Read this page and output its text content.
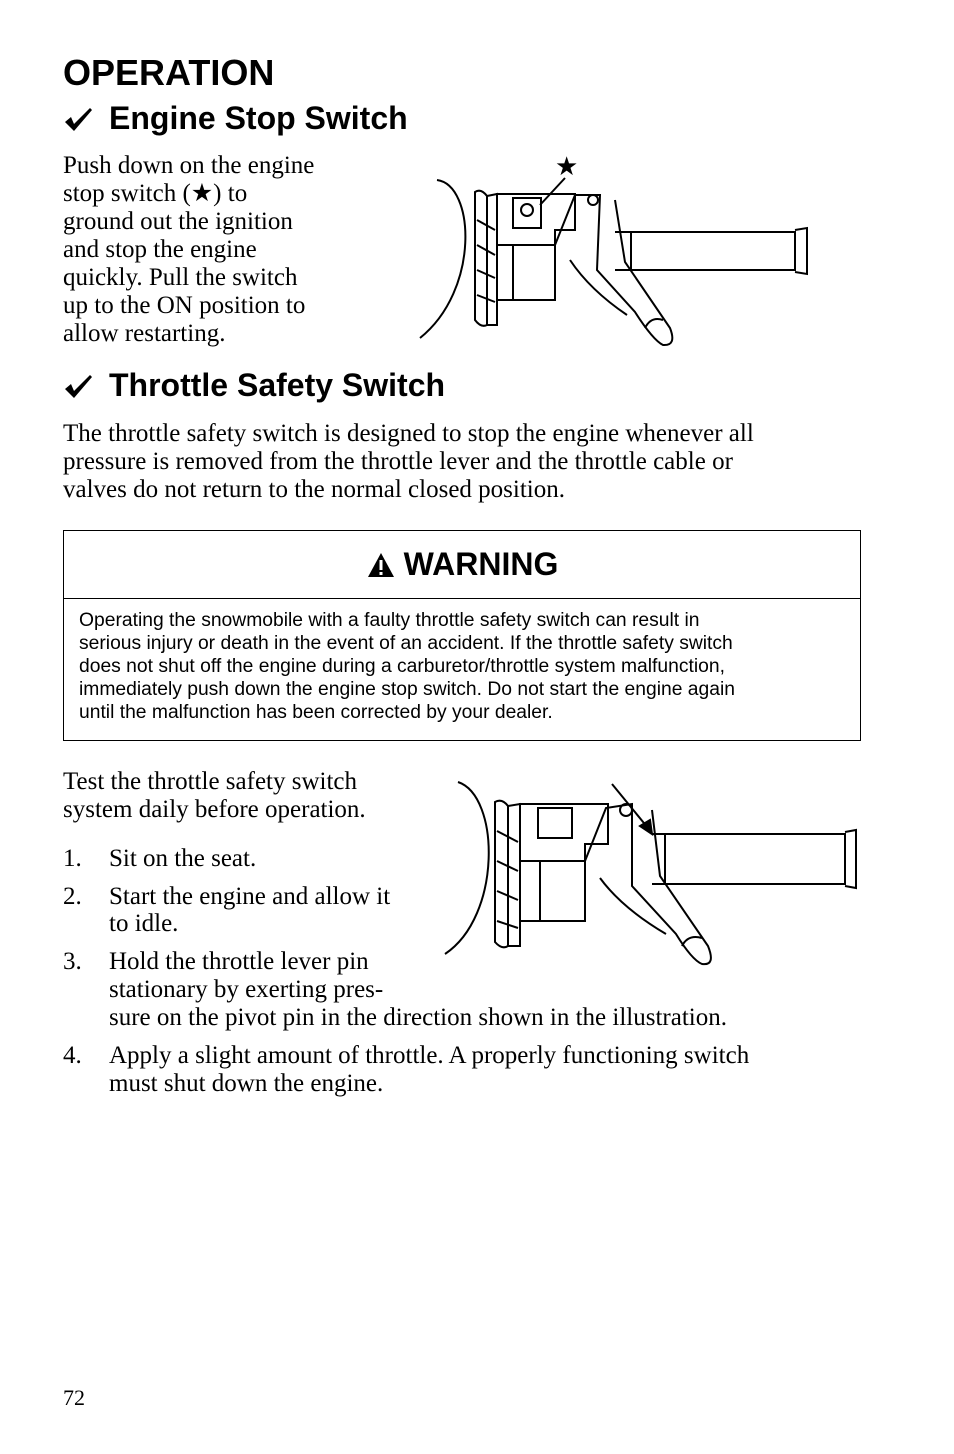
OPERATION
Engine Stop Switch
Push down on the engine
stop switch (★) to
ground out the ignition
and stop the engine
quickly. Pull the switch
up to the ON position to
allow restarting.
★
Throttle Safety Switch
The throttle safety switch is designed to stop the engine whenever all
pressure is removed from the throttle lever and the throttle cable or
valves do not return to the normal closed position.
WARNING
Operating the snowmobile with a faulty throttle safety switch can result in
serious injury or death in the event of an accident. If the throttle safety switch
does not shut off the engine during a carburetor/throttle system malfunction,
immediately push down the engine stop switch. Do not start the engine again
until the malfunction has been corrected by your dealer.
Test the throttle safety switch
system daily before operation.
1. Sit on the seat.
2. Start the engine and allow it
to idle.
3. Hold the throttle lever pin
stationary by exerting pres-
sure on the pivot pin in the direction shown in the illustration.
4. Apply a slight amount of throttle. A properly functioning switch
must shut down the engine.
72
